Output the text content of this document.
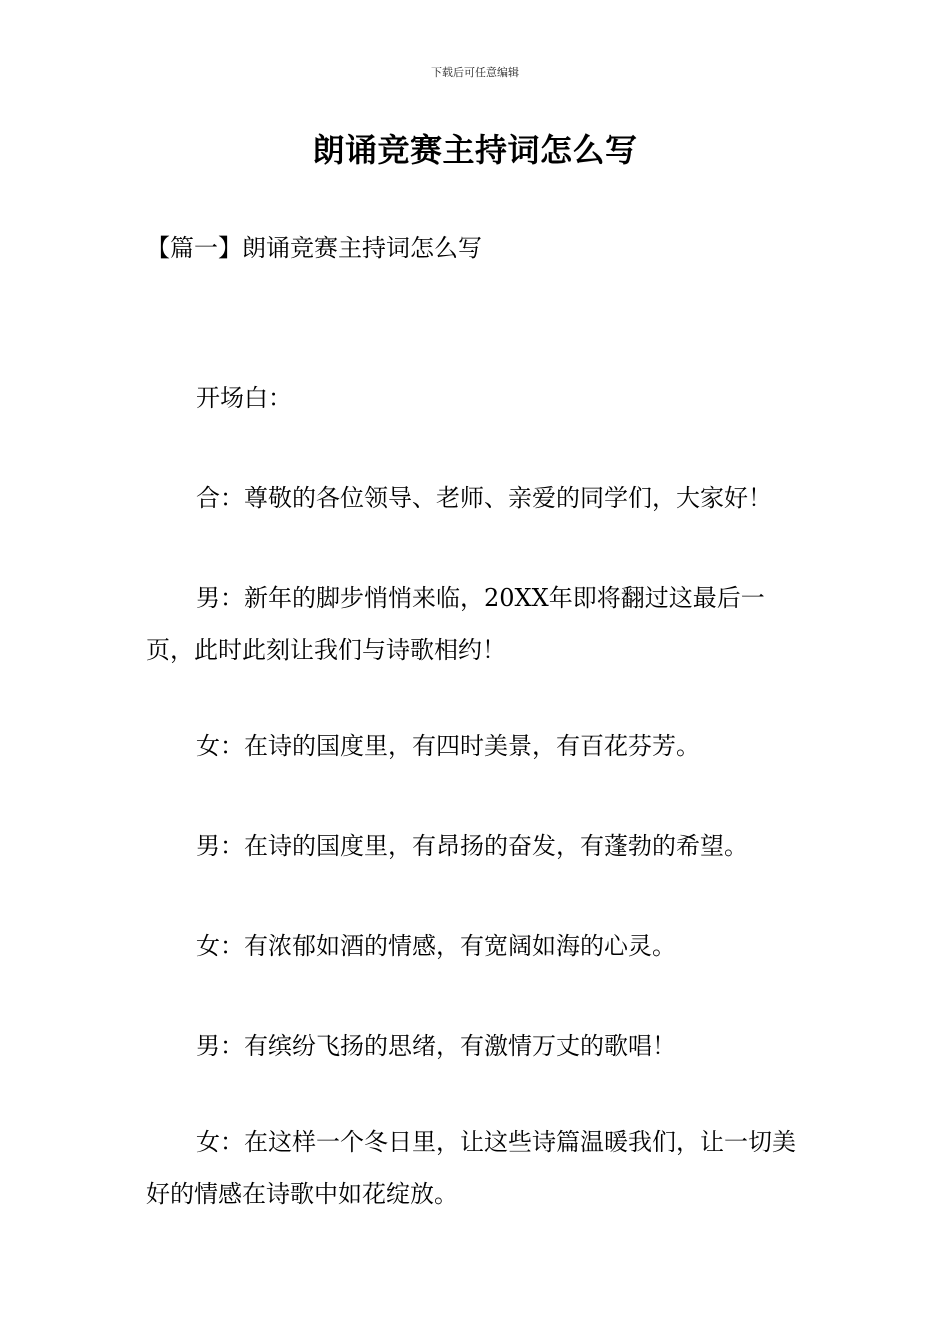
下载后可任意编辑
朗诵竞赛主持词怎么写
【篇一】朗诵竞赛主持词怎么写

开场白：

合：尊敬的各位领导、老师、亲爱的同学们，大家好！

男：新年的脚步悄悄来临，20XX年即将翻过这最后一页，此时此刻让我们与诗歌相约！

女：在诗的国度里，有四时美景，有百花芬芳。

男：在诗的国度里，有昂扬的奋发，有蓬勃的希望。

女：有浓郁如酒的情感，有宽阔如海的心灵。

男：有缤纷飞扬的思绪，有激情万丈的歌唱！

女：在这样一个冬日里，让这些诗篇温暖我们，让一切美好的情感在诗歌中如花绽放。
